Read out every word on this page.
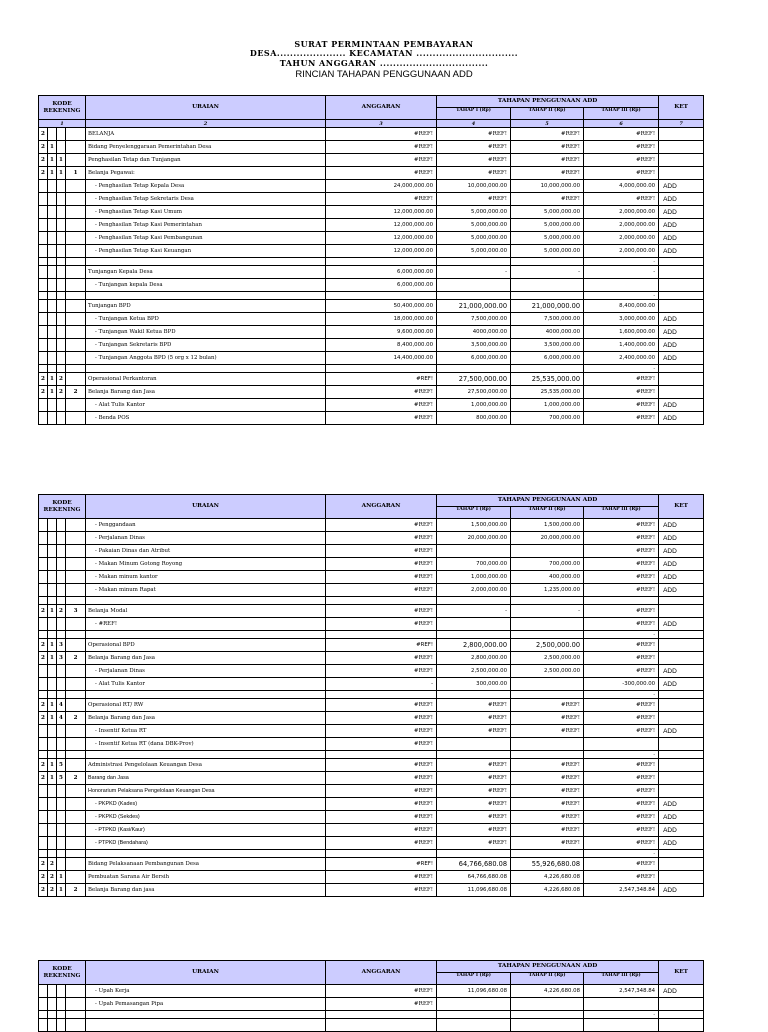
SURAT PERMINTAAN PEMBAYARAN
DESA..................... KECAMATAN ...............................
TAHUN ANGGARAN .................................
RINCIAN TAHAPAN PENGGUNAAN ADD
KODE REKENING				URAIAN	ANGGARAN	TAHAPAN PENGGUNAAN ADD			KET

						TAHAP I (Rp)	TAHAP II (Rp)	TAHAP III (Rp)	

1				2	3	4	5	6	7
2				BELANJA	#REF!	#REF!	#REF!	#REF!	
2	1			Bidang Penyelenggaraan Pemerintahan Desa	#REF!	#REF!	#REF!	#REF!	
2	1	1		Penghasilan Tetap dan Tunjangan	#REF!	#REF!	#REF!	#REF!	
2	1	1	1	Belanja Pegawai:	#REF!	#REF!	#REF!	#REF!	
				- Penghasilan Tetap Kepala Desa	24,000,000.00	10,000,000.00	10,000,000.00	4,000,000.00	ADD
				- Penghasilan Tetap Sekretaris Desa	#REF!	#REF!	#REF!	#REF!	ADD
				- Penghasilan Tetap Kasi Umum	12,000,000.00	5,000,000.00	5,000,000.00	2,000,000.00	ADD
				- Penghasilan Tetap Kasi Pemerintahan	12,000,000.00	5,000,000.00	5,000,000.00	2,000,000.00	ADD
				- Penghasilan Tetap Kasi Pembangunan	12,000,000.00	5,000,000.00	5,000,000.00	2,000,000.00	ADD
				- Penghasilan Tetap Kasi Keuangan	12,000,000.00	5,000,000.00	5,000,000.00	2,000,000.00	ADD
								-	
				Tunjangan Kepala Desa	6,000,000.00	-	-	-	
				- Tunjangan kepala Desa	6,000,000.00				
								-	
				Tunjangan BPD	50,400,000.00	21,000,000.00	21,000,000.00	8,400,000.00	
				- Tunjangan Ketua BPD	18,000,000.00	7,500,000.00	7,500,000.00	3,000,000.00	ADD
				- Tunjangan Wakil Ketua BPD	9,600,000.00	4000,000.00	4000,000.00	1,600,000.00	ADD
				- Tunjangan Sekretaris BPD	8,400,000.00	3,500,000.00	3,500,000.00	1,400,000.00	ADD
				- Tunjangan Anggota BPD (5 org x 12 bulan)	14,400,000.00	6,000,000.00	6,000,000.00	2,400,000.00	ADD
								-	
2	1	2		Operasional Perkantoran	#REF!	27,500,000.00	25,535,000.00	#REF!	
2	1	2	2	Belanja Barang dan Jasa	#REF!	27,500,000.00	25,535,000.00	#REF!	
				- Alat Tulis Kantor	#REF!	1,000,000.00	1,000,000.00	#REF!	ADD
				- Benda POS	#REF!	800,000.00	700,000.00	#REF!	ADD
KODE REKENING				URAIAN	ANGGARAN	TAHAPAN PENGGUNAAN ADD			KET

						TAHAP I (Rp)	TAHAP II (Rp)	TAHAP III (Rp)	

				- Penggandaan	#REF!	1,500,000.00	1,500,000.00	#REF!	ADD
				- Perjalanan Dinas	#REF!	20,000,000.00	20,000,000.00	#REF!	ADD
				- Pakaian Dinas dan Atribut	#REF!			#REF!	ADD
				- Makan Minum Gotong Royong	#REF!	700,000.00	700,000.00	#REF!	ADD
				- Makan minum kantor	#REF!	1,000,000.00	400,000.00	#REF!	ADD
				- Makan minum Rapat	#REF!	2,000,000.00	1,235,000.00	#REF!	ADD

2	1	2	3	Belanja Modal	#REF!	-	-	#REF!	
				- #REF!	#REF!			#REF!	ADD
								-	
2	1	3		Operasional BPD	#REF!	2,800,000.00	2,500,000.00	#REF!	
2	1	3	2	Belanja Barang dan Jasa	#REF!	2,800,000.00	2,500,000.00	#REF!	
				- Perjalanan Dinas	#REF!	2,500,000.00	2,500,000.00	#REF!	ADD
				- Alat Tulis Kantor	-	300,000.00		-300,000.00	ADD
								-	
2	1	4		Operasional RT/ RW	#REF!	#REF!	#REF!	#REF!	
2	1	4	2	Belanja Barang dan Jasa	#REF!	#REF!	#REF!	#REF!	
				- Insentif Ketua RT	#REF!	#REF!	#REF!	#REF!	ADD
				- Insentif Ketua RT (dana DBK-Prov)	#REF!				
								-	
2	1	5		Administrasi Pengelolaan Keuangan Desa	#REF!	#REF!	#REF!	#REF!	
2	1	5	2	Barang dan Jasa	#REF!	#REF!	#REF!	#REF!	
				Honorarium Pelaksana Pengelolaan Keuangan Desa	#REF!	#REF!	#REF!	#REF!	
				- PKPKD (Kades)	#REF!	#REF!	#REF!	#REF!	ADD
				- PKPKD (Sekdes)	#REF!	#REF!	#REF!	#REF!	ADD
				- PTPKD (Kasi/Kaur)	#REF!	#REF!	#REF!	#REF!	ADD
				- PTPKD (Bendahara)	#REF!	#REF!	#REF!	#REF!	ADD
								-	
2	2			Bidang Pelaksanaan Pembangunan Desa	#REF!	64,766,680.08	55,926,680.08	#REF!	
2	2	1		Pembuatan Sarana Air Bersih	#REF!	64,766,680.08	4,226,680.08	#REF!	
2	2	1	2	Belanja Barang dan jasa	#REF!	11,096,680.08	4,226,680.08	2,547,348.84	ADD
KODE REKENING				URAIAN	ANGGARAN	TAHAPAN PENGGUNAAN ADD			KET

						TAHAP I (Rp)	TAHAP II (Rp)	TAHAP III (Rp)	

				- Upah Kerja	#REF!	11,096,680.08	4,226,680.08	2,547,348.84	ADD
				- Upah Pemasangan Pipa	#REF!				
								-	
